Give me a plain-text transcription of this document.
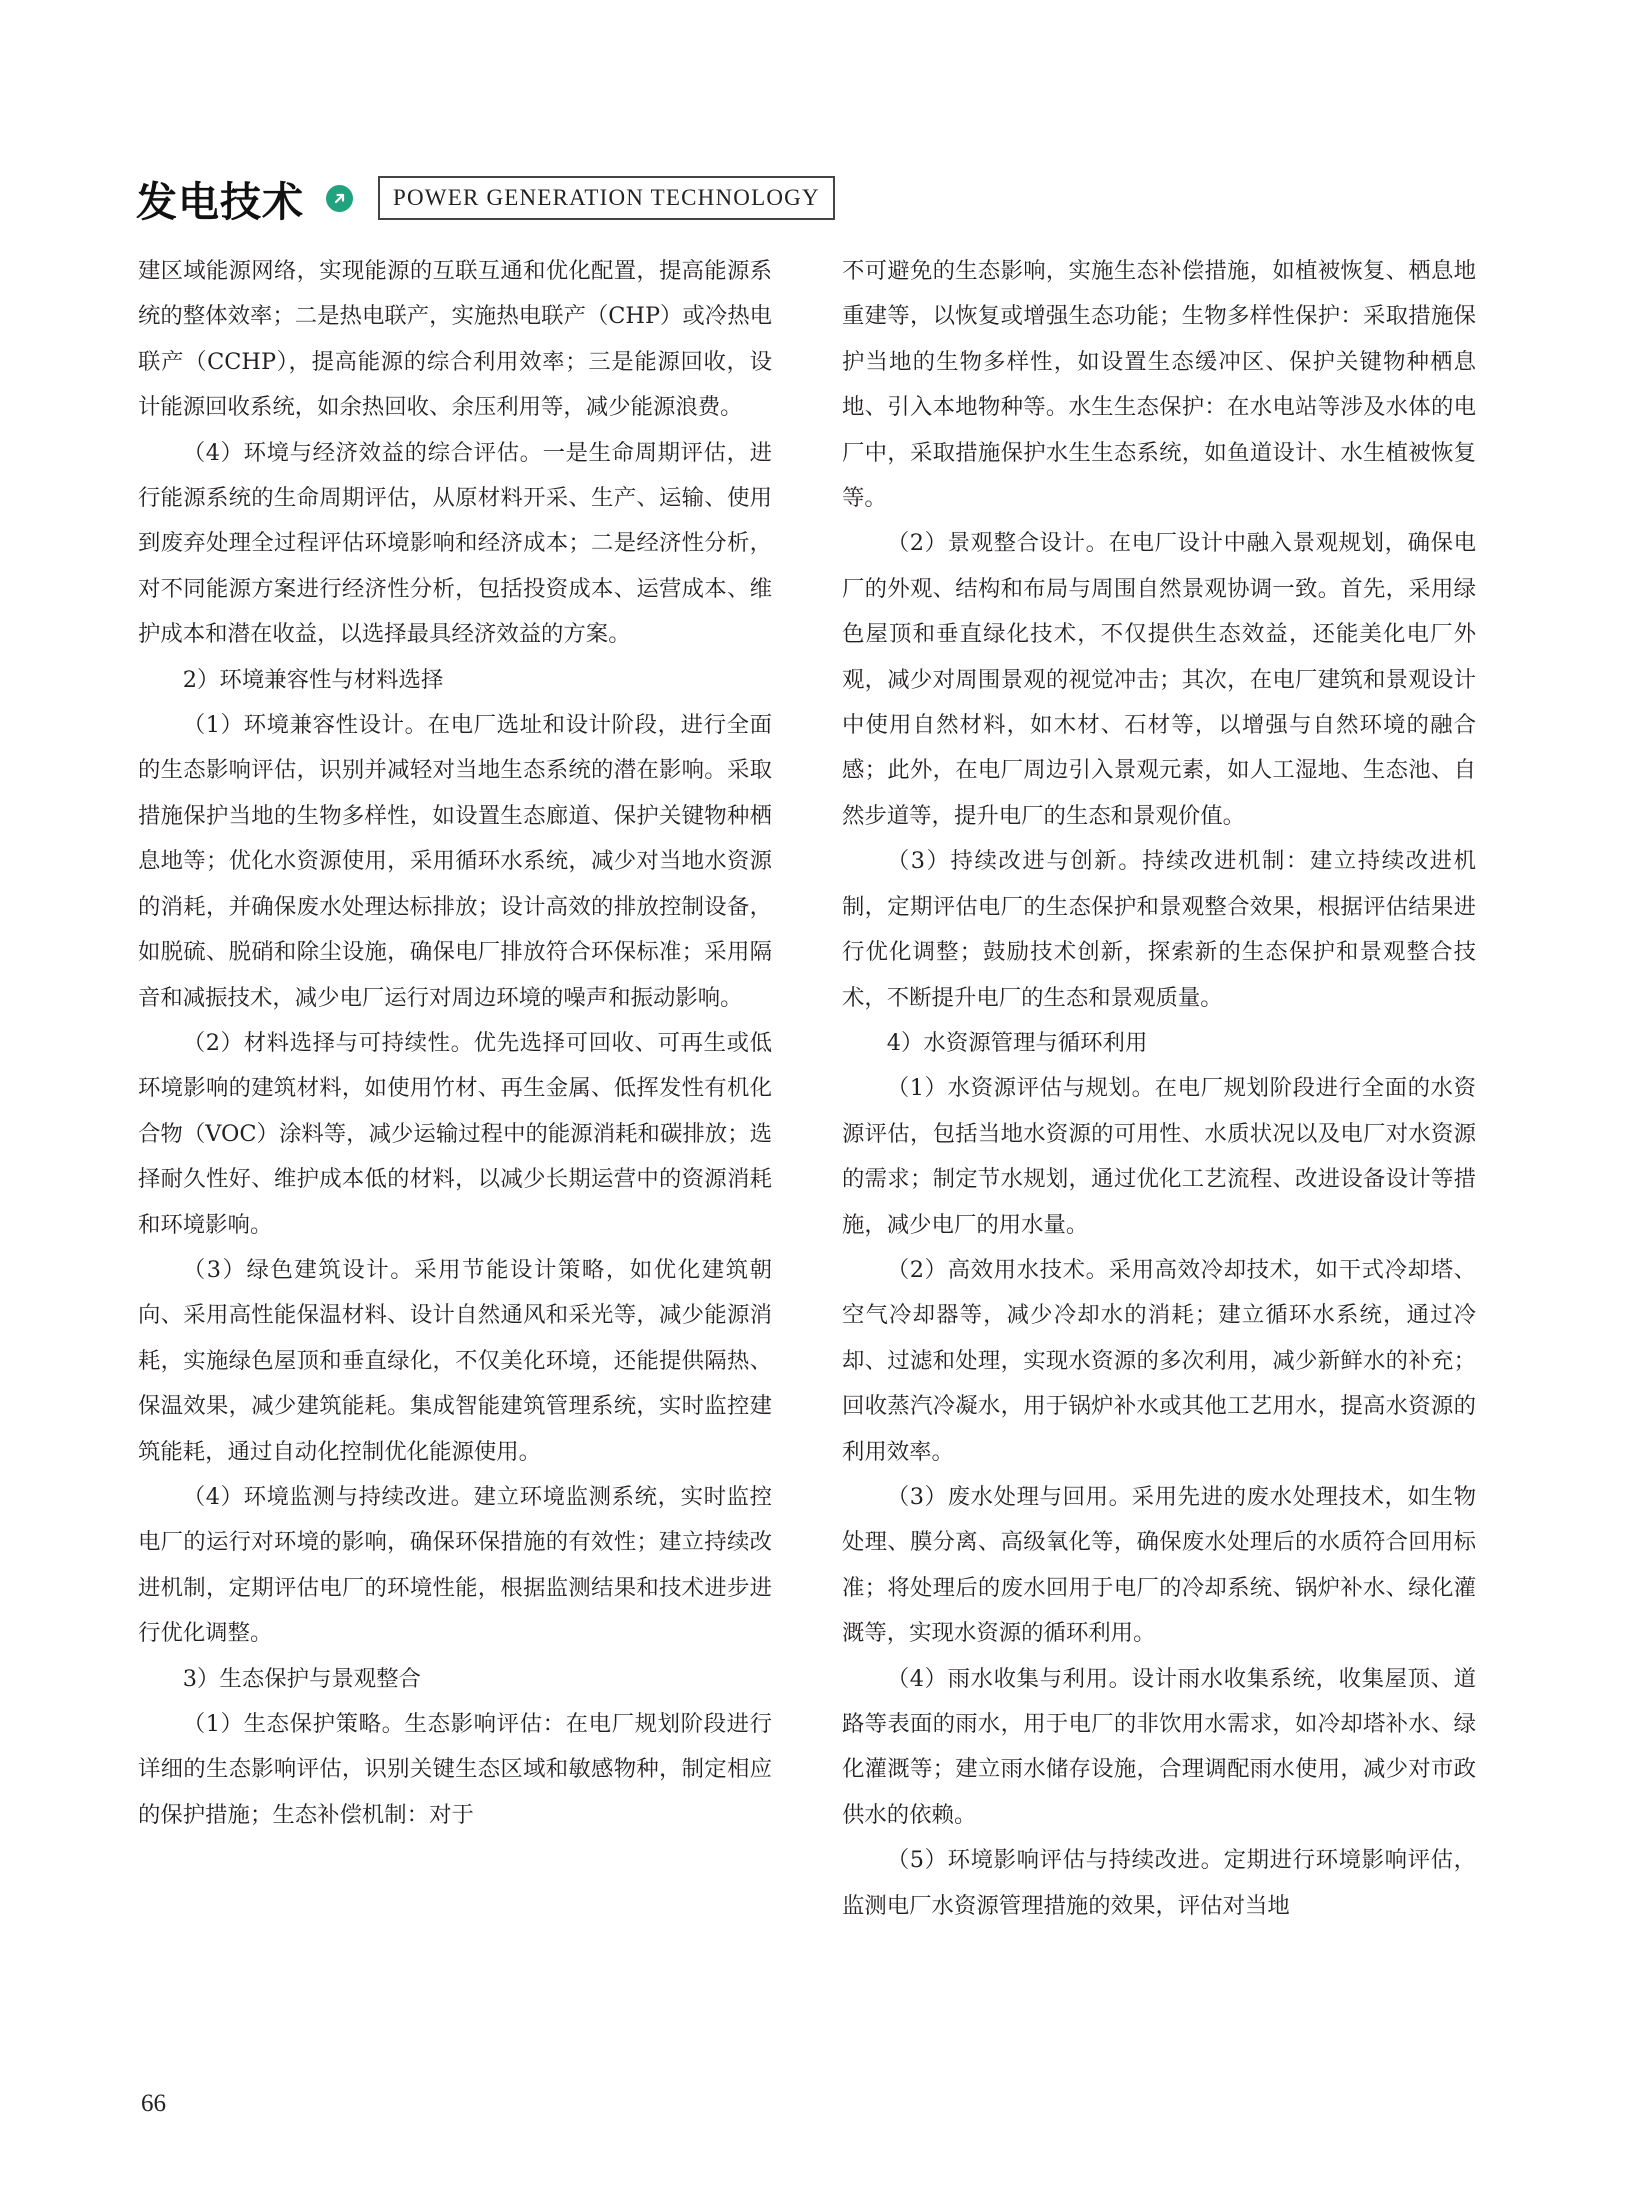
发电技术	POWER GENERATION TECHNOLOGY

建区域能源网络，实现能源的互联互通和优化配置，提高能源系统的整体效率；二是热电联产，实施热电联产（CHP）或冷热电联产（CCHP），提高能源的综合利用效率；三是能源回收，设计能源回收系统，如余热回收、余压利用等，减少能源浪费。

（4）环境与经济效益的综合评估。一是生命周期评估，进行能源系统的生命周期评估，从原材料开采、生产、运输、使用到废弃处理全过程评估环境影响和经济成本；二是经济性分析，对不同能源方案进行经济性分析，包括投资成本、运营成本、维护成本和潜在收益，以选择最具经济效益的方案。

2）环境兼容性与材料选择

（1）环境兼容性设计。在电厂选址和设计阶段，进行全面的生态影响评估，识别并减轻对当地生态系统的潜在影响。采取措施保护当地的生物多样性，如设置生态廊道、保护关键物种栖息地等；优化水资源使用，采用循环水系统，减少对当地水资源的消耗，并确保废水处理达标排放；设计高效的排放控制设备，如脱硫、脱硝和除尘设施，确保电厂排放符合环保标准；采用隔音和减振技术，减少电厂运行对周边环境的噪声和振动影响。

（2）材料选择与可持续性。优先选择可回收、可再生或低环境影响的建筑材料，如使用竹材、再生金属、低挥发性有机化合物（VOC）涂料等，减少运输过程中的能源消耗和碳排放；选择耐久性好、维护成本低的材料，以减少长期运营中的资源消耗和环境影响。

（3）绿色建筑设计。采用节能设计策略，如优化建筑朝向、采用高性能保温材料、设计自然通风和采光等，减少能源消耗，实施绿色屋顶和垂直绿化，不仅美化环境，还能提供隔热、保温效果，减少建筑能耗。集成智能建筑管理系统，实时监控建筑能耗，通过自动化控制优化能源使用。

（4）环境监测与持续改进。建立环境监测系统，实时监控电厂的运行对环境的影响，确保环保措施的有效性；建立持续改进机制，定期评估电厂的环境性能，根据监测结果和技术进步进行优化调整。

3）生态保护与景观整合

（1）生态保护策略。生态影响评估：在电厂规划阶段进行详细的生态影响评估，识别关键生态区域和敏感物种，制定相应的保护措施；生态补偿机制：对于

不可避免的生态影响，实施生态补偿措施，如植被恢复、栖息地重建等，以恢复或增强生态功能；生物多样性保护：采取措施保护当地的生物多样性，如设置生态缓冲区、保护关键物种栖息地、引入本地物种等。水生生态保护：在水电站等涉及水体的电厂中，采取措施保护水生生态系统，如鱼道设计、水生植被恢复等。

（2）景观整合设计。在电厂设计中融入景观规划，确保电厂的外观、结构和布局与周围自然景观协调一致。首先，采用绿色屋顶和垂直绿化技术，不仅提供生态效益，还能美化电厂外观，减少对周围景观的视觉冲击；其次，在电厂建筑和景观设计中使用自然材料，如木材、石材等，以增强与自然环境的融合感；此外，在电厂周边引入景观元素，如人工湿地、生态池、自然步道等，提升电厂的生态和景观价值。

（3）持续改进与创新。持续改进机制：建立持续改进机制，定期评估电厂的生态保护和景观整合效果，根据评估结果进行优化调整；鼓励技术创新，探索新的生态保护和景观整合技术，不断提升电厂的生态和景观质量。

4）水资源管理与循环利用

（1）水资源评估与规划。在电厂规划阶段进行全面的水资源评估，包括当地水资源的可用性、水质状况以及电厂对水资源的需求；制定节水规划，通过优化工艺流程、改进设备设计等措施，减少电厂的用水量。

（2）高效用水技术。采用高效冷却技术，如干式冷却塔、空气冷却器等，减少冷却水的消耗；建立循环水系统，通过冷却、过滤和处理，实现水资源的多次利用，减少新鲜水的补充；回收蒸汽冷凝水，用于锅炉补水或其他工艺用水，提高水资源的利用效率。

（3）废水处理与回用。采用先进的废水处理技术，如生物处理、膜分离、高级氧化等，确保废水处理后的水质符合回用标准；将处理后的废水回用于电厂的冷却系统、锅炉补水、绿化灌溉等，实现水资源的循环利用。

（4）雨水收集与利用。设计雨水收集系统，收集屋顶、道路等表面的雨水，用于电厂的非饮用水需求，如冷却塔补水、绿化灌溉等；建立雨水储存设施，合理调配雨水使用，减少对市政供水的依赖。

（5）环境影响评估与持续改进。定期进行环境影响评估，监测电厂水资源管理措施的效果，评估对当地

66
